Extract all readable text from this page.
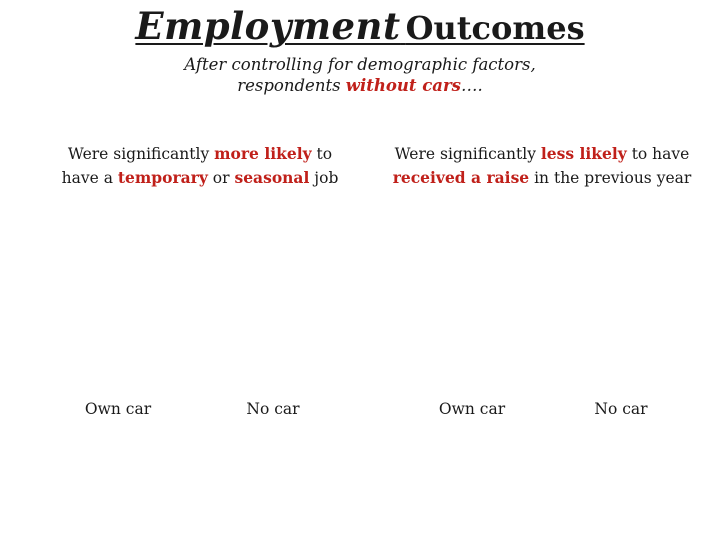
Employment Outcomes
After controlling for demographic factors,
respondents without cars….
Were significantly more likely to
have a temporary or seasonal job
Were significantly less likely to have
received a raise in the previous year
Own car	No car	Own car	No car
